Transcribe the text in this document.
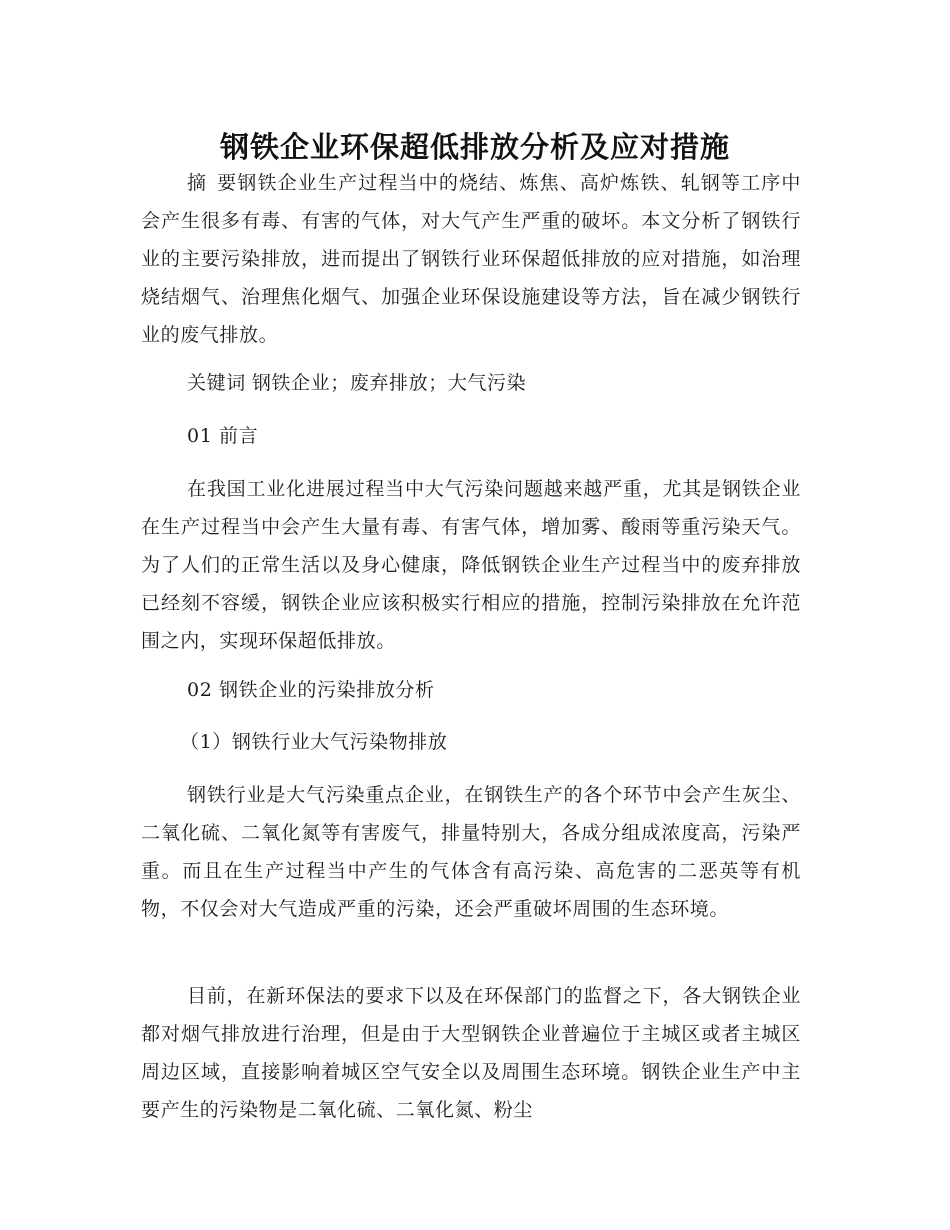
钢铁企业环保超低排放分析及应对措施

摘 要钢铁企业生产过程当中的烧结、炼焦、高炉炼铁、轧钢等工序中会产生很多有毒、有害的气体，对大气产生严重的破坏。本文分析了钢铁行业的主要污染排放，进而提出了钢铁行业环保超低排放的应对措施，如治理烧结烟气、治理焦化烟气、加强企业环保设施建设等方法，旨在减少钢铁行业的废气排放。

关键词 钢铁企业；废弃排放；大气污染

01 前言

在我国工业化进展过程当中大气污染问题越来越严重，尤其是钢铁企业在生产过程当中会产生大量有毒、有害气体，增加雾、酸雨等重污染天气。为了人们的正常生活以及身心健康，降低钢铁企业生产过程当中的废弃排放已经刻不容缓，钢铁企业应该积极实行相应的措施，控制污染排放在允许范围之内，实现环保超低排放。

02 钢铁企业的污染排放分析

（1）钢铁行业大气污染物排放

钢铁行业是大气污染重点企业，在钢铁生产的各个环节中会产生灰尘、二氧化硫、二氧化氮等有害废气，排量特别大，各成分组成浓度高，污染严重。而且在生产过程当中产生的气体含有高污染、高危害的二恶英等有机物，不仅会对大气造成严重的污染，还会严重破坏周围的生态环境。

目前，在新环保法的要求下以及在环保部门的监督之下，各大钢铁企业都对烟气排放进行治理，但是由于大型钢铁企业普遍位于主城区或者主城区周边区域，直接影响着城区空气安全以及周围生态环境。钢铁企业生产中主要产生的污染物是二氧化硫、二氧化氮、粉尘
